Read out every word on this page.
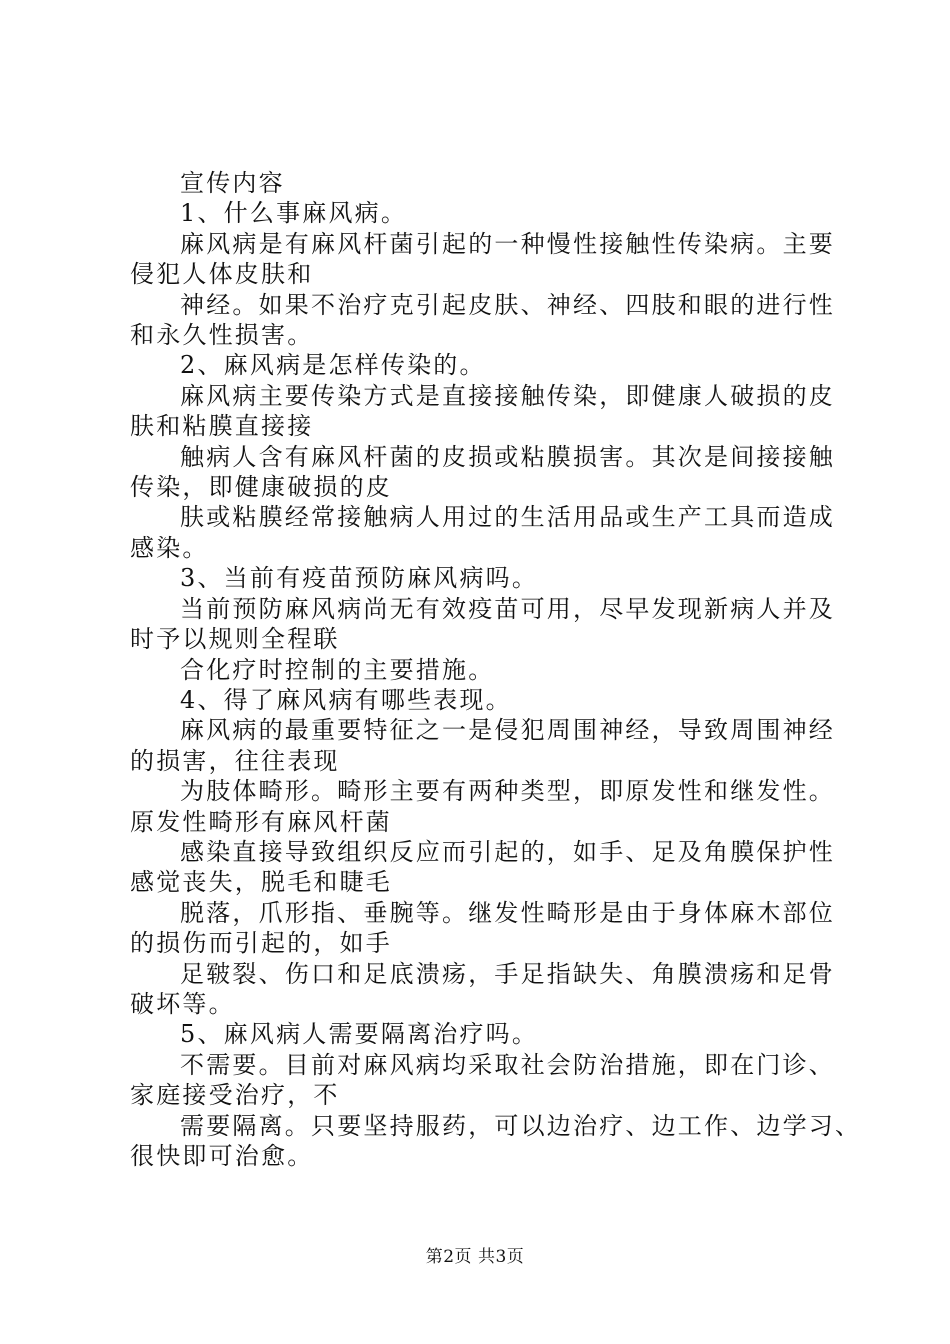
宣传内容

1、什么事麻风病。

麻风病是有麻风杆菌引起的一种慢性接触性传染病。主要

侵犯人体皮肤和

神经。如果不治疗克引起皮肤、神经、四肢和眼的进行性

和永久性损害。

2、麻风病是怎样传染的。

麻风病主要传染方式是直接接触传染，即健康人破损的皮

肤和粘膜直接接

触病人含有麻风杆菌的皮损或粘膜损害。其次是间接接触

传染，即健康破损的皮

肤或粘膜经常接触病人用过的生活用品或生产工具而造成

感染。

3、当前有疫苗预防麻风病吗。

当前预防麻风病尚无有效疫苗可用，尽早发现新病人并及

时予以规则全程联

合化疗时控制的主要措施。

4、得了麻风病有哪些表现。

麻风病的最重要特征之一是侵犯周围神经，导致周围神经

的损害，往往表现

为肢体畸形。畸形主要有两种类型，即原发性和继发性。

原发性畸形有麻风杆菌

感染直接导致组织反应而引起的，如手、足及角膜保护性

感觉丧失，脱毛和睫毛

脱落，爪形指、垂腕等。继发性畸形是由于身体麻木部位

的损伤而引起的，如手

足皲裂、伤口和足底溃疡，手足指缺失、角膜溃疡和足骨

破坏等。

5、麻风病人需要隔离治疗吗。

不需要。目前对麻风病均采取社会防治措施，即在门诊、

家庭接受治疗，不

需要隔离。只要坚持服药，可以边治疗、边工作、边学习、

很快即可治愈。

第2页 共3页
